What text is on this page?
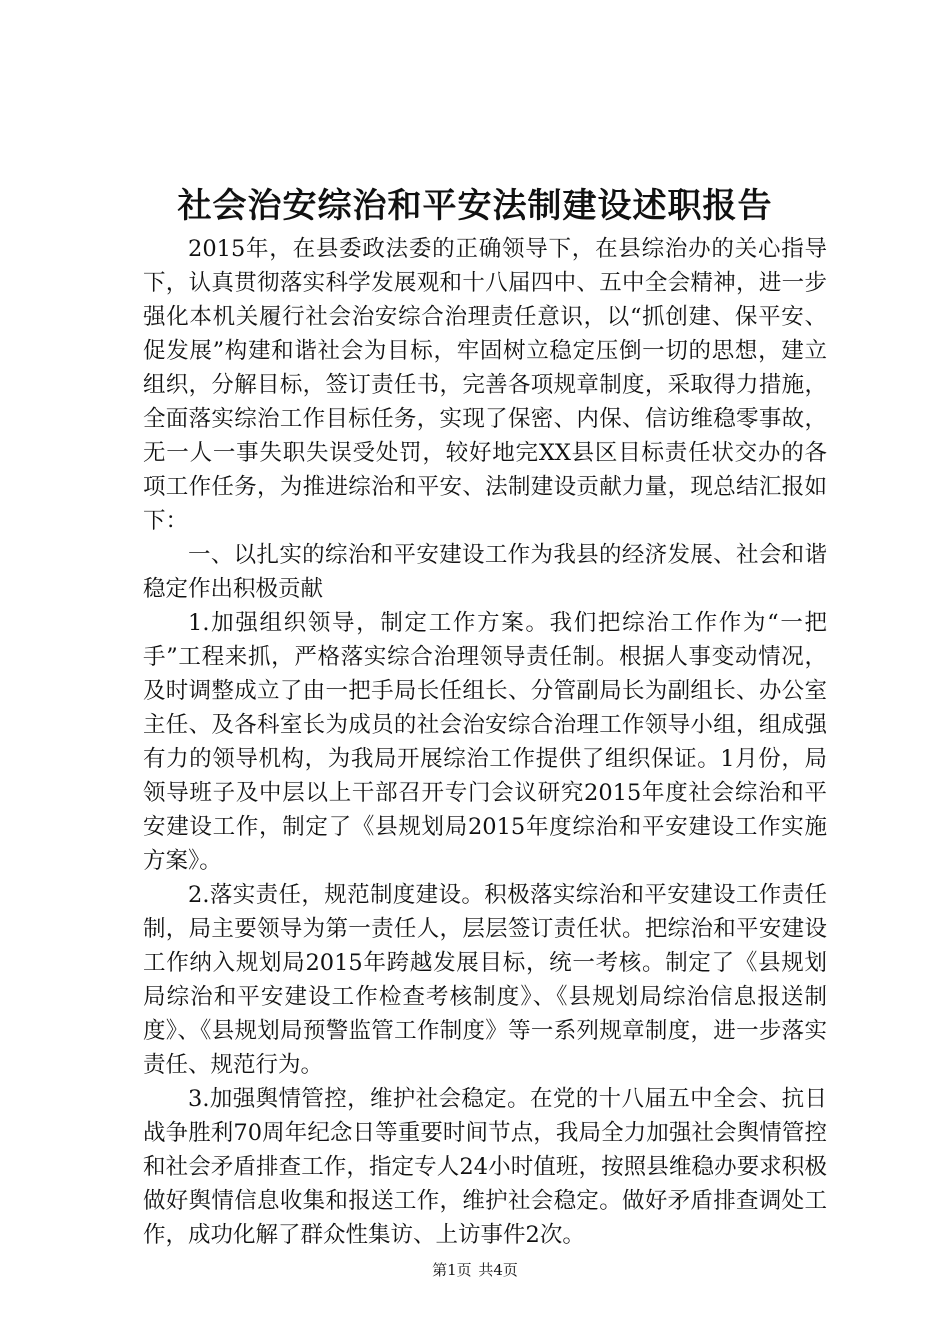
社会治安综治和平安法制建设述职报告

2015年，在县委政法委的正确领导下，在县综治办的关心指导下，认真贯彻落实科学发展观和十八届四中、五中全会精神，进一步强化本机关履行社会治安综合治理责任意识，以“抓创建、保平安、促发展”构建和谐社会为目标，牢固树立稳定压倒一切的思想，建立组织，分解目标，签订责任书，完善各项规章制度，采取得力措施，全面落实综治工作目标任务，实现了保密、内保、信访维稳零事故，无一人一事失职失误受处罚，较好地完XX县区目标责任状交办的各项工作任务，为推进综治和平安、法制建设贡献力量，现总结汇报如下：

一、以扎实的综治和平安建设工作为我县的经济发展、社会和谐稳定作出积极贡献

1.加强组织领导，制定工作方案。我们把综治工作作为“一把手”工程来抓，严格落实综合治理领导责任制。根据人事变动情况，及时调整成立了由一把手局长任组长、分管副局长为副组长、办公室主任、及各科室长为成员的社会治安综合治理工作领导小组，组成强有力的领导机构，为我局开展综治工作提供了组织保证。1月份，局领导班子及中层以上干部召开专门会议研究2015年度社会综治和平安建设工作，制定了《县规划局2015年度综治和平安建设工作实施方案》。

2.落实责任，规范制度建设。积极落实综治和平安建设工作责任制，局主要领导为第一责任人，层层签订责任状。把综治和平安建设工作纳入规划局2015年跨越发展目标，统一考核。制定了《县规划局综治和平安建设工作检查考核制度》、《县规划局综治信息报送制度》、《县规划局预警监管工作制度》等一系列规章制度，进一步落实责任、规范行为。

3.加强舆情管控，维护社会稳定。在党的十八届五中全会、抗日战争胜利70周年纪念日等重要时间节点，我局全力加强社会舆情管控和社会矛盾排查工作，指定专人24小时值班，按照县维稳办要求积极做好舆情信息收集和报送工作，维护社会稳定。做好矛盾排查调处工作，成功化解了群众性集访、上访事件2次。

第1页 共4页
